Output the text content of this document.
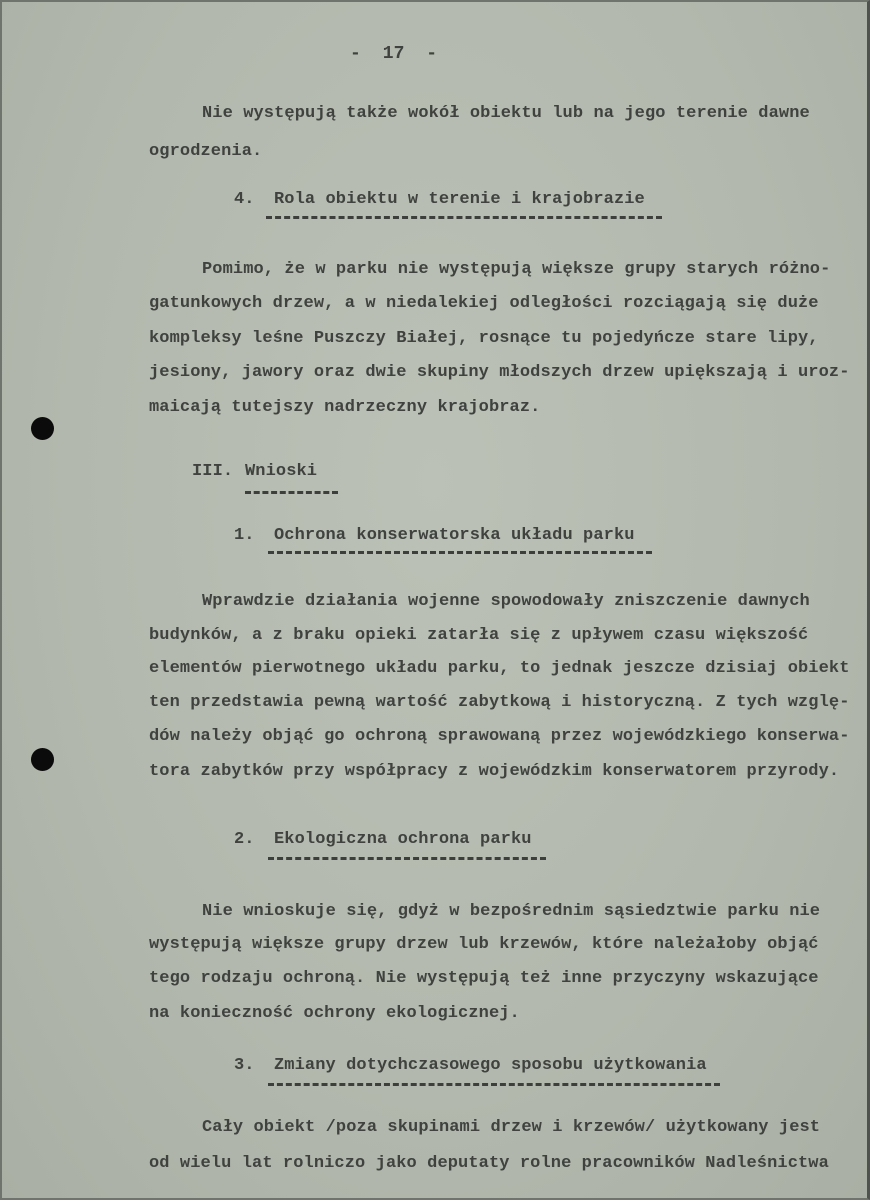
-  17  -
Nie występują także wokół obiektu lub na jego terenie dawne
ogrodzenia.
4. Rola obiektu w terenie i krajobrazie
Pomimo, że w parku nie występują większe grupy starych różno-
gatunkowych drzew, a w niedalekiej odległości rozciągają się duże
kompleksy leśne Puszczy Białej, rosnące tu pojedyńcze stare lipy,
jesiony, jawory oraz dwie skupiny młodszych drzew upiększają i uroz-
maicają tutejszy nadrzeczny krajobraz.
III. Wnioski
1. Ochrona konserwatorska układu parku
Wprawdzie działania wojenne spowodowały zniszczenie dawnych
budynków, a z braku opieki zatarła się z upływem czasu większość
elementów pierwotnego układu parku, to jednak jeszcze dzisiaj obiekt
ten przedstawia pewną wartość zabytkową i historyczną. Z tych wzglę-
dów należy objąć go ochroną sprawowaną przez wojewódzkiego konserwa-
tora zabytków przy współpracy z wojewódzkim konserwatorem przyrody.
2. Ekologiczna ochrona parku
Nie wnioskuje się, gdyż w bezpośrednim sąsiedztwie parku nie
występują większe grupy drzew lub krzewów, które należałoby objąć
tego rodzaju ochroną. Nie występują też inne przyczyny wskazujące
na konieczność ochrony ekologicznej.
3. Zmiany dotychczasowego sposobu użytkowania
Cały obiekt /poza skupinami drzew i krzewów/ użytkowany jest
od wielu lat rolniczo jako deputaty rolne pracowników Nadleśnictwa
